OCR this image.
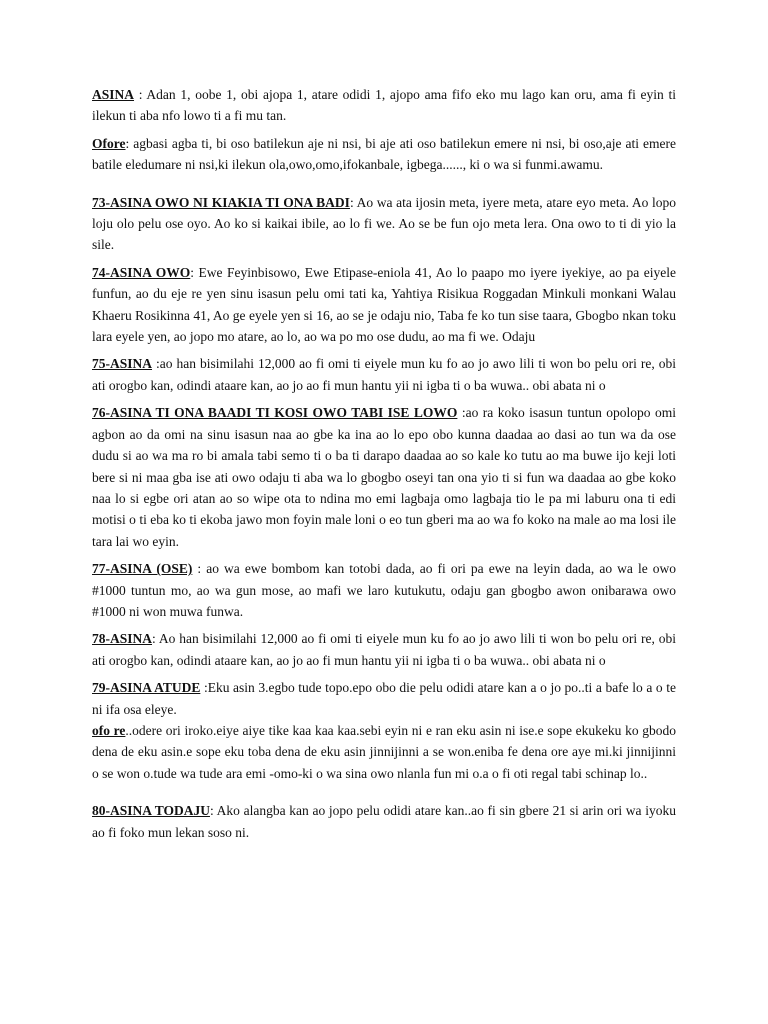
ASINA : Adan 1, oobe 1, obi ajopa 1, atare odidi 1, ajopo ama fifo eko mu lago kan oru, ama fi eyin ti ilekun ti aba nfo lowo ti a fi mu tan.

Ofore: agbasi agba ti, bi oso batilekun aje ni nsi, bi aje ati oso batilekun emere ni nsi, bi oso,aje ati emere batile eledumare ni nsi,ki ilekun ola,owo,omo,ifokanbale, igbega......, ki o wa si funmi.awamu.

73-ASINA OWO NI KIAKIA TI ONA BADI: Ao wa ata ijosin meta, iyere meta, atare eyo meta. Ao lopo loju olo pelu ose oyo. Ao ko si kaikai ibile, ao lo fi we. Ao se be fun ojo meta lera. Ona owo to ti di yio la sile.

74-ASINA OWO: Ewe Feyinbisowo, Ewe Etipase-eniola 41, Ao lo paapo mo iyere iyekiye, ao pa eiyele funfun, ao du eje re yen sinu isasun pelu omi tati ka, Yahtiya Risikua Roggadan Minkuli monkani Walau Khaeru Rosikinna 41, Ao ge eyele yen si 16, ao se je odaju nio, Taba fe ko tun sise taara, Gbogbo nkan toku lara eyele yen, ao jopo mo atare, ao lo, ao wa po mo ose dudu, ao ma fi we. Odaju

75-ASINA :ao han bisimilahi 12,000 ao fi omi ti eiyele mun ku fo ao jo awo lili ti won bo pelu ori re, obi ati orogbo kan, odindi ataare kan, ao jo ao fi mun hantu yii ni igba ti o ba wuwa.. obi abata ni o

76-ASINA TI ONA BAADI TI KOSI OWO TABI ISE LOWO :ao ra koko isasun tuntun opolopo omi agbon ao da omi na sinu isasun naa ao gbe ka ina ao lo epo obo kunna daadaa ao dasi ao tun wa da ose dudu si ao wa ma ro bi amala tabi semo ti o ba ti darapo daadaa ao so kale ko tutu ao ma buwe ijo keji loti bere si ni maa gba ise ati owo odaju ti aba wa lo gbogbo oseyi tan ona yio ti si fun wa daadaa ao gbe koko naa lo si egbe ori atan ao so wipe ota to ndina mo emi lagbaja omo lagbaja tio le pa mi laburu ona ti edi motisi o ti eba ko ti ekoba jawo mon foyin male loni o eo tun gberi ma ao wa fo koko na male ao ma losi ile tara lai wo eyin.

77-ASINA (OSE) : ao wa ewe bombom kan totobi dada, ao fi ori pa ewe na leyin dada, ao wa le owo #1000 tuntun mo, ao wa gun mose, ao mafi we laro kutukutu, odaju gan gbogbo awon onibarawa owo #1000 ni won muwa funwa.

78-ASINA: Ao han bisimilahi 12,000 ao fi omi ti eiyele mun ku fo ao jo awo lili ti won bo pelu ori re, obi ati orogbo kan, odindi ataare kan, ao jo ao fi mun hantu yii ni igba ti o ba wuwa.. obi abata ni o

79-ASINA ATUDE :Eku asin 3.egbo tude topo.epo obo die pelu odidi atare kan a o jo po..ti a bafe lo a o te ni ifa osa eleye.

ofo re..odere ori iroko.eiye aiye tike kaa kaa kaa.sebi eyin ni e ran eku asin ni ise.e sope ekukeku ko gbodo dena de eku asin.e sope eku toba dena de eku asin jinnijinni a se won.eniba fe dena ore aye mi.ki jinnijinni o se won o.tude wa tude ara emi -omo-ki o wa sina owo nlanla fun mi o.a o fi oti regal tabi schinap lo..

80-ASINA TODAJU: Ako alangba kan ao jopo pelu odidi atare kan..ao fi sin gbere 21 si arin ori wa iyoku ao fi foko mun lekan soso ni.
